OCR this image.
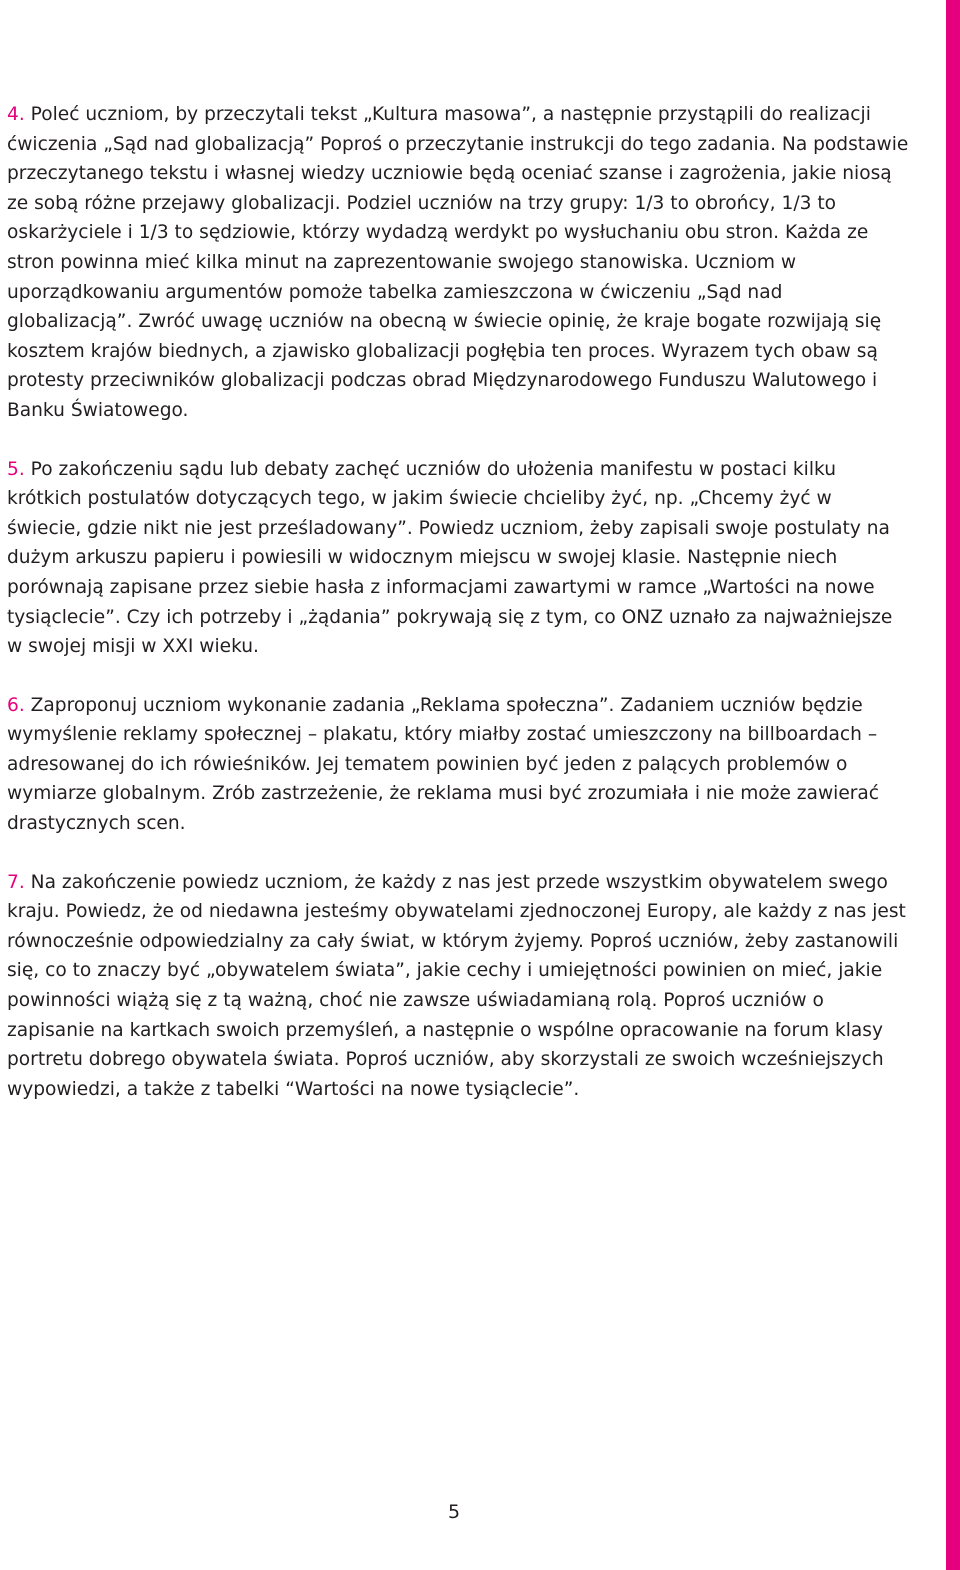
4. Poleć uczniom, by przeczytali tekst „Kultura masowa”, a następnie przystąpili do realizacji ćwiczenia „Sąd nad globalizacją” Poproś o przeczytanie instrukcji do tego zadania. Na podstawie przeczytanego tekstu i własnej wiedzy uczniowie będą oceniać szanse i zagrożenia, jakie niosą ze sobą różne przejawy globalizacji. Podziel uczniów na trzy grupy: 1/3 to obrońcy, 1/3 to oskarżyciele i 1/3 to sędziowie, którzy wydadzą werdykt po wysłuchaniu obu stron. Każda ze stron powinna mieć kilka minut na zaprezentowanie swojego stanowiska. Uczniom w uporządkowaniu argumentów pomoże tabelka zamieszczona w ćwiczeniu „Sąd nad globalizacją”. Zwróć uwagę uczniów na obecną w świecie opinię, że kraje bogate rozwijają się kosztem krajów biednych, a zjawisko globalizacji pogłębia ten proces. Wyrazem tych obaw są protesty przeciwników globalizacji podczas obrad Międzynarodowego Funduszu Walutowego i Banku Światowego.

5. Po zakończeniu sądu lub debaty zachęć uczniów do ułożenia manifestu w postaci kilku krótkich postulatów dotyczących tego, w jakim świecie chcieliby żyć, np. „Chcemy żyć w świecie, gdzie nikt nie jest prześladowany”. Powiedz uczniom, żeby zapisali swoje postulaty na dużym arkuszu papieru i powiesili w widocznym miejscu w swojej klasie. Następnie niech porównają zapisane przez siebie hasła z informacjami zawartymi w ramce „Wartości na nowe tysiąclecie”. Czy ich potrzeby i „żądania” pokrywają się z tym, co ONZ uznało za najważniejsze w swojej misji w XXI wieku.

6. Zaproponuj uczniom wykonanie zadania „Reklama społeczna”. Zadaniem uczniów będzie wymyślenie reklamy społecznej – plakatu, który miałby zostać umieszczony na billboardach – adresowanej do ich rówieśników. Jej tematem powinien być jeden z palących problemów o wymiarze globalnym. Zrób zastrzeżenie, że reklama musi być zrozumiała i nie może zawierać drastycznych scen.

7. Na zakończenie powiedz uczniom, że każdy z nas jest przede wszystkim obywatelem swego kraju. Powiedz, że od niedawna jesteśmy obywatelami zjednoczonej Europy, ale każdy z nas jest równocześnie odpowiedzialny za cały świat, w którym żyjemy. Poproś uczniów, żeby zastanowili się, co to znaczy być „obywatelem świata”, jakie cechy i umiejętności powinien on mieć, jakie powinności wiążą się z tą ważną, choć nie zawsze uświadamianą rolą. Poproś uczniów o zapisanie na kartkach swoich przemyśleń, a następnie o wspólne opracowanie na forum klasy portretu dobrego obywatela świata. Poproś uczniów, aby skorzystali ze swoich wcześniejszych wypowiedzi, a także z tabelki “Wartości na nowe tysiąclecie”.

5
